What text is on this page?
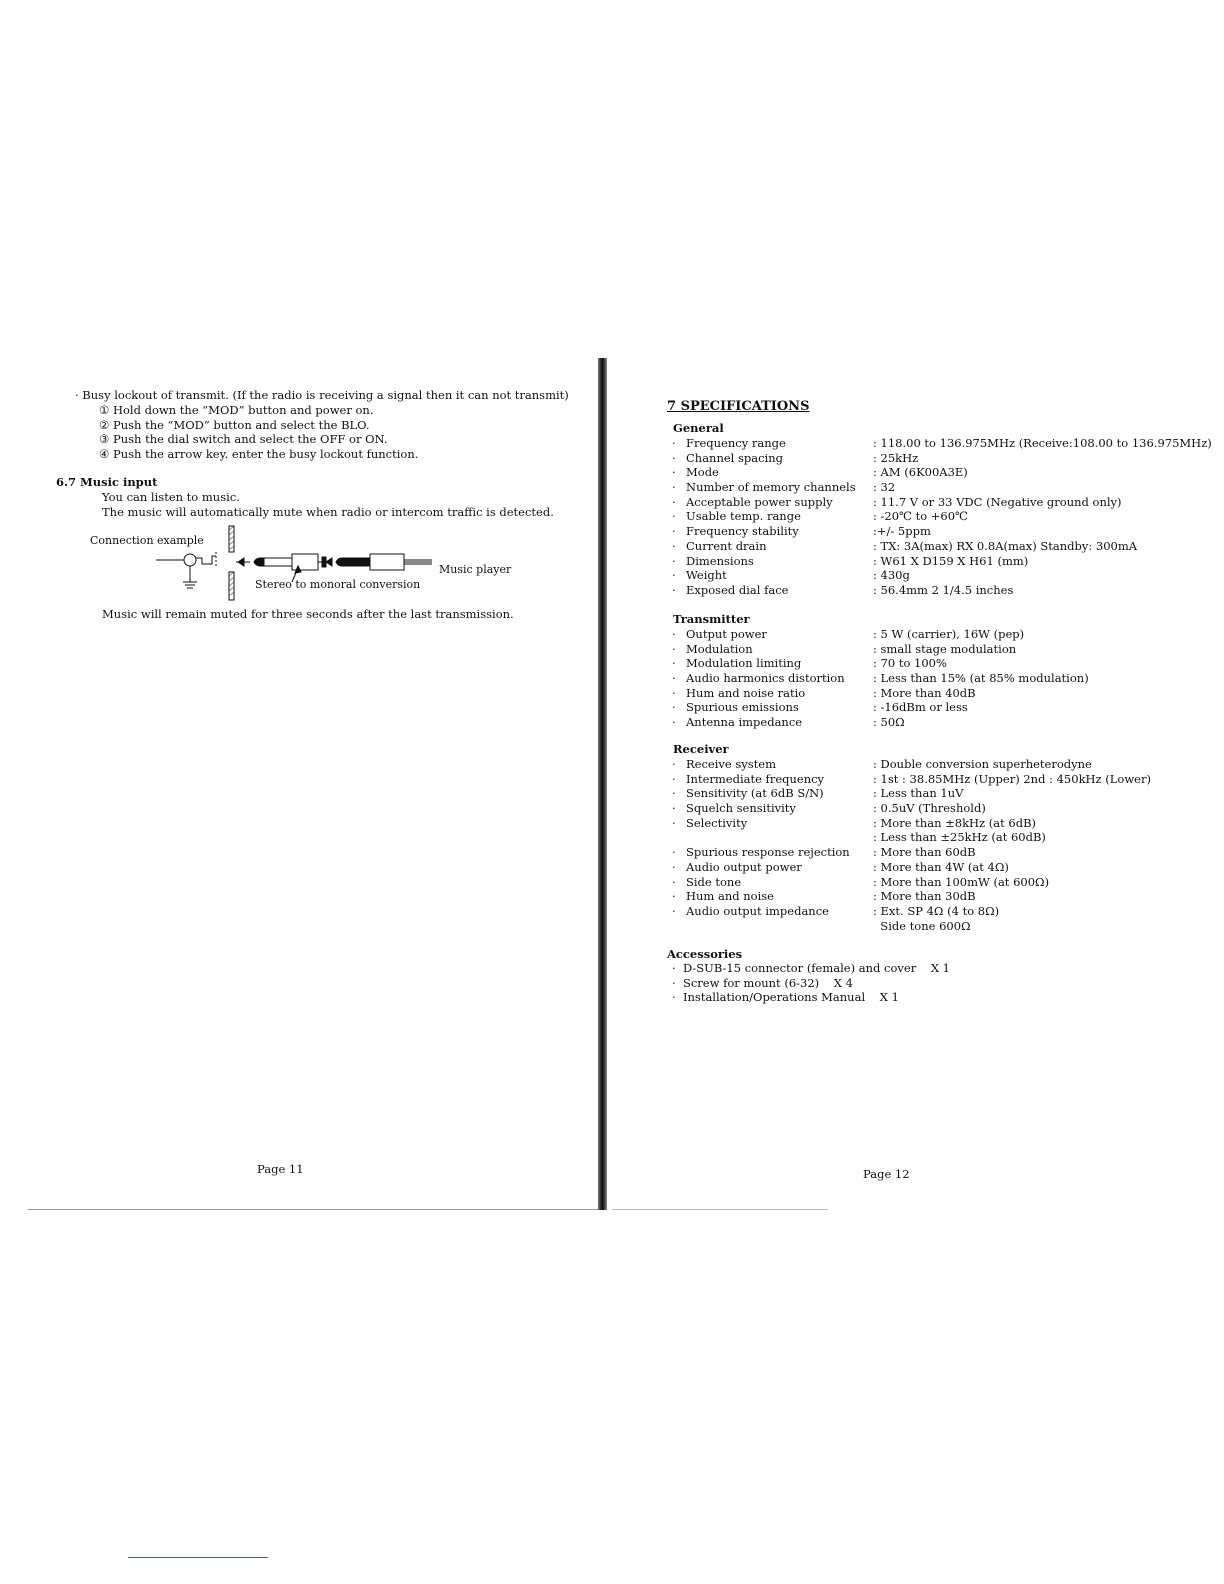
· Busy lockout of transmit. (If the radio is receiving a signal then it can not transmit)
① Hold down the “MOD” button and power on.
② Push the “MOD” button and select the BLO.
③ Push the dial switch and select the OFF or ON.
④ Push the arrow key. enter the busy lockout function.
6.7 Music input
You can listen to music.
The music will automatically mute when radio or intercom traffic is detected.
Connection example
Music player
Stereo to monoral conversion
Music will remain muted for three seconds after the last transmission.
Page 11
7 SPECIFICATIONS
General
· Frequency range	: 118.00 to 136.975MHz (Receive:108.00 to 136.975MHz)
· Channel spacing	: 25kHz
· Mode	: AM (6K00A3E)
· Number of memory channels : 32
· Acceptable power supply	: 11.7 V or 33 VDC (Negative ground only)
· Usable temp. range	: -20℃ to +60℃
· Frequency stability	:+/- 5ppm
· Current drain	: TX: 3A(max) RX 0.8A(max) Standby: 300mA
· Dimensions	: W61 X D159 X H61 (mm)
· Weight	: 430g
· Exposed dial face	: 56.4mm 2 1/4.5 inches
Transmitter
· Output power	: 5 W (carrier), 16W (pep)
· Modulation	: small stage modulation
· Modulation limiting	: 70 to 100%
· Audio harmonics distortion : Less than 15% (at 85% modulation)
· Hum and noise ratio	: More than 40dB
· Spurious emissions	: -16dBm or less
· Antenna impedance	: 50Ω
Receiver
· Receive system	: Double conversion superheterodyne
· Intermediate frequency	: 1st : 38.85MHz (Upper) 2nd : 450kHz (Lower)
· Sensitivity (at 6dB S/N)	: Less than 1uV
· Squelch sensitivity	: 0.5uV (Threshold)
· Selectivity	: More than ±8kHz (at 6dB)
: Less than ±25kHz (at 60dB)
· Spurious response rejection : More than 60dB
· Audio output power	: More than 4W (at 4Ω)
· Side tone	: More than 100mW (at 600Ω)
· Hum and noise	: More than 30dB
· Audio output impedance	: Ext. SP 4Ω (4 to 8Ω)
Side tone 600Ω
Accessories
·  D-SUB-15 connector (female) and cover    X 1
·  Screw for mount (6-32)    X 4
·  Installation/Operations Manual    X 1
Page 12
